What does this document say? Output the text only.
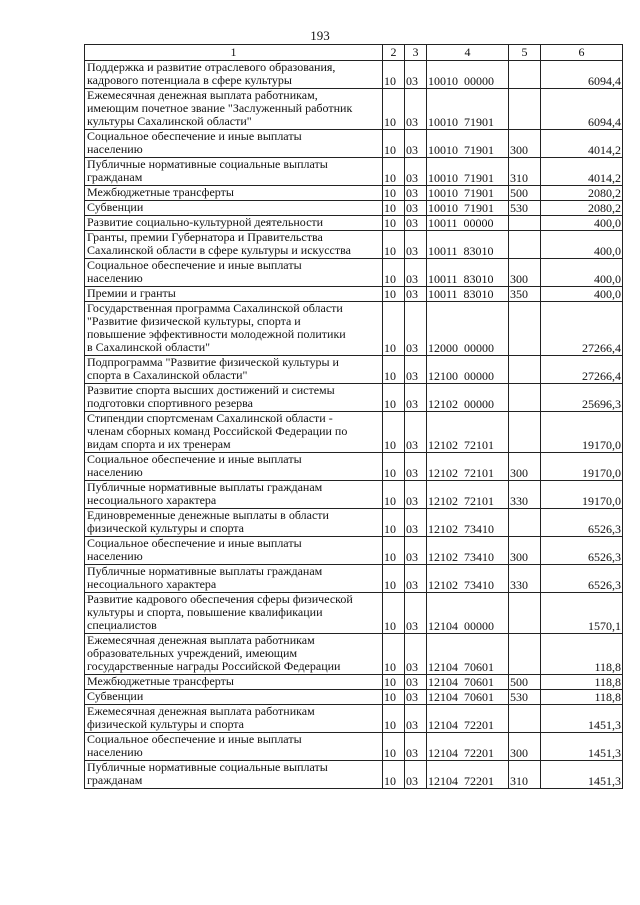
193
1	2	3	4	5	6

Поддержка и развитие отраслевого образования,
кадрового потенциала в сфере культуры	10	03	10010  00000		6094,4

Ежемесячная денежная выплата работникам,
имеющим почетное звание "Заслуженный работник
культуры Сахалинской области"	10	03	10010  71901		6094,4

Социальное обеспечение и иные выплаты
населению	10	03	10010  71901	300	4014,2

Публичные нормативные социальные выплаты
гражданам	10	03	10010  71901	310	4014,2

Межбюджетные трансферты	10	03	10010  71901	500	2080,2

Субвенции	10	03	10010  71901	530	2080,2

Развитие социально-культурной деятельности	10	03	10011  00000		400,0

Гранты, премии Губернатора и Правительства
Сахалинской области в сфере культуры и искусства	10	03	10011  83010		400,0

Социальное обеспечение и иные выплаты
населению	10	03	10011  83010	300	400,0

Премии и гранты	10	03	10011  83010	350	400,0

Государственная программа Сахалинской области
"Развитие физической культуры, спорта и
повышение эффективности молодежной политики
в Сахалинской области"	10	03	12000  00000		27266,4

Подпрограмма "Развитие физической культуры и
спорта в Сахалинской области"	10	03	12100  00000		27266,4

Развитие спорта высших достижений и системы
подготовки спортивного резерва	10	03	12102  00000		25696,3

Стипендии спортсменам Сахалинской области -
членам сборных команд Российской Федерации по
видам спорта и их тренерам	10	03	12102  72101		19170,0

Социальное обеспечение и иные выплаты
населению	10	03	12102  72101	300	19170,0

Публичные нормативные выплаты гражданам
несоциального характера	10	03	12102  72101	330	19170,0

Единовременные денежные выплаты в области
физической культуры и спорта	10	03	12102  73410		6526,3

Социальное обеспечение и иные выплаты
населению	10	03	12102  73410	300	6526,3

Публичные нормативные выплаты гражданам
несоциального характера	10	03	12102  73410	330	6526,3

Развитие кадрового обеспечения сферы физической
культуры и спорта, повышение квалификации
специалистов	10	03	12104  00000		1570,1

Ежемесячная денежная выплата работникам
образовательных учреждений, имеющим
государственные награды Российской Федерации	10	03	12104  70601		118,8

Межбюджетные трансферты	10	03	12104  70601	500	118,8

Субвенции	10	03	12104  70601	530	118,8

Ежемесячная денежная выплата работникам
физической культуры и спорта	10	03	12104  72201		1451,3

Социальное обеспечение и иные выплаты
населению	10	03	12104  72201	300	1451,3

Публичные нормативные социальные выплаты
гражданам	10	03	12104  72201	310	1451,3
